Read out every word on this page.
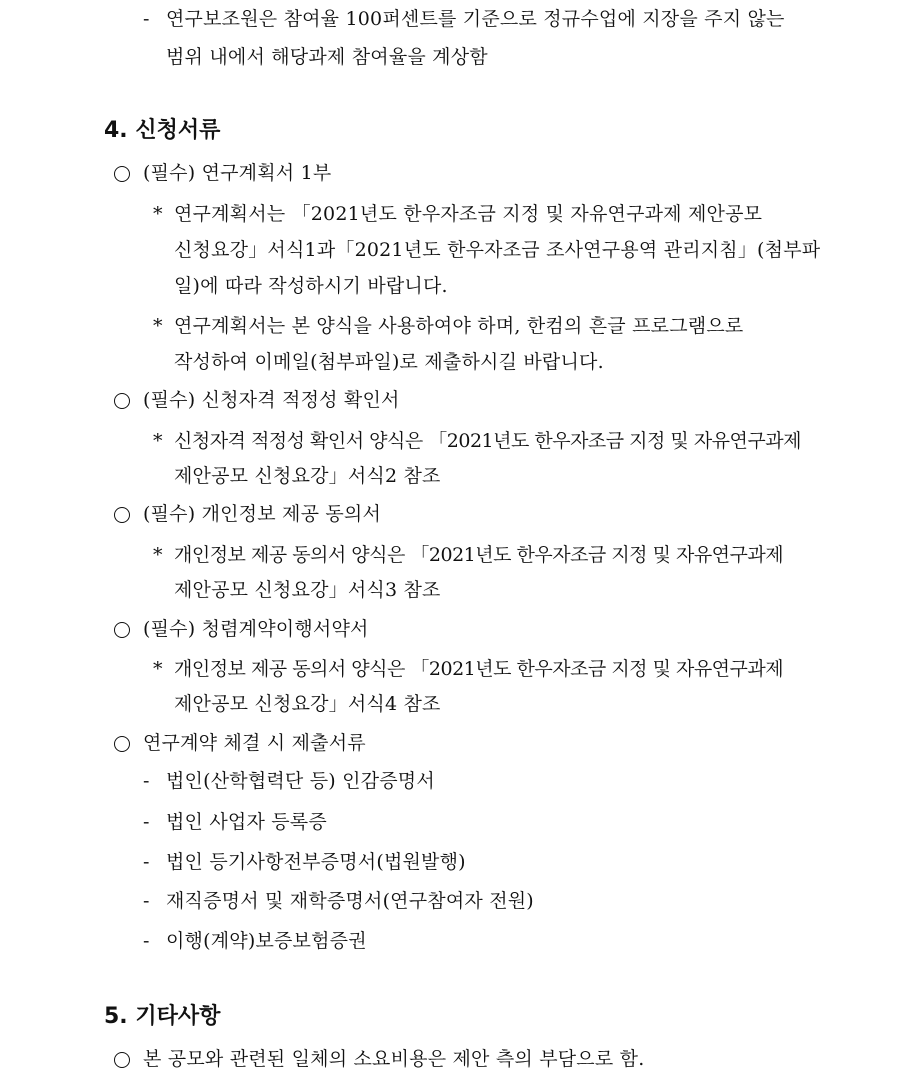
- 연구보조원은 참여율 100퍼센트를 기준으로 정규수업에 지장을 주지 않는
범위 내에서 해당과제 참여율을 계상함
4. 신청서류
(필수) 연구계획서 1부
* 연구계획서는 「2021년도 한우자조금 지정 및 자유연구과제 제안공모
신청요강」서식1과「2021년도 한우자조금 조사연구용역 관리지침」(첨부파
일)에 따라 작성하시기 바랍니다.
* 연구계획서는 본 양식을 사용하여야 하며, 한컴의 흔글 프로그램으로
작성하여 이메일(첨부파일)로 제출하시길 바랍니다.
(필수) 신청자격 적정성 확인서
* 신청자격 적정성 확인서 양식은 「2021년도 한우자조금 지정 및 자유연구과제
제안공모 신청요강」서식2 참조
(필수) 개인정보 제공 동의서
* 개인정보 제공 동의서 양식은 「2021년도 한우자조금 지정 및 자유연구과제
제안공모 신청요강」서식3 참조
(필수) 청렴계약이행서약서
* 개인정보 제공 동의서 양식은 「2021년도 한우자조금 지정 및 자유연구과제
제안공모 신청요강」서식4 참조
연구계약 체결 시 제출서류
- 법인(산학협력단 등) 인감증명서
- 법인 사업자 등록증
- 법인 등기사항전부증명서(법원발행)
- 재직증명서 및 재학증명서(연구참여자 전원)
- 이행(계약)보증보험증권
5. 기타사항
본 공모와 관련된 일체의 소요비용은 제안 측의 부담으로 함.
